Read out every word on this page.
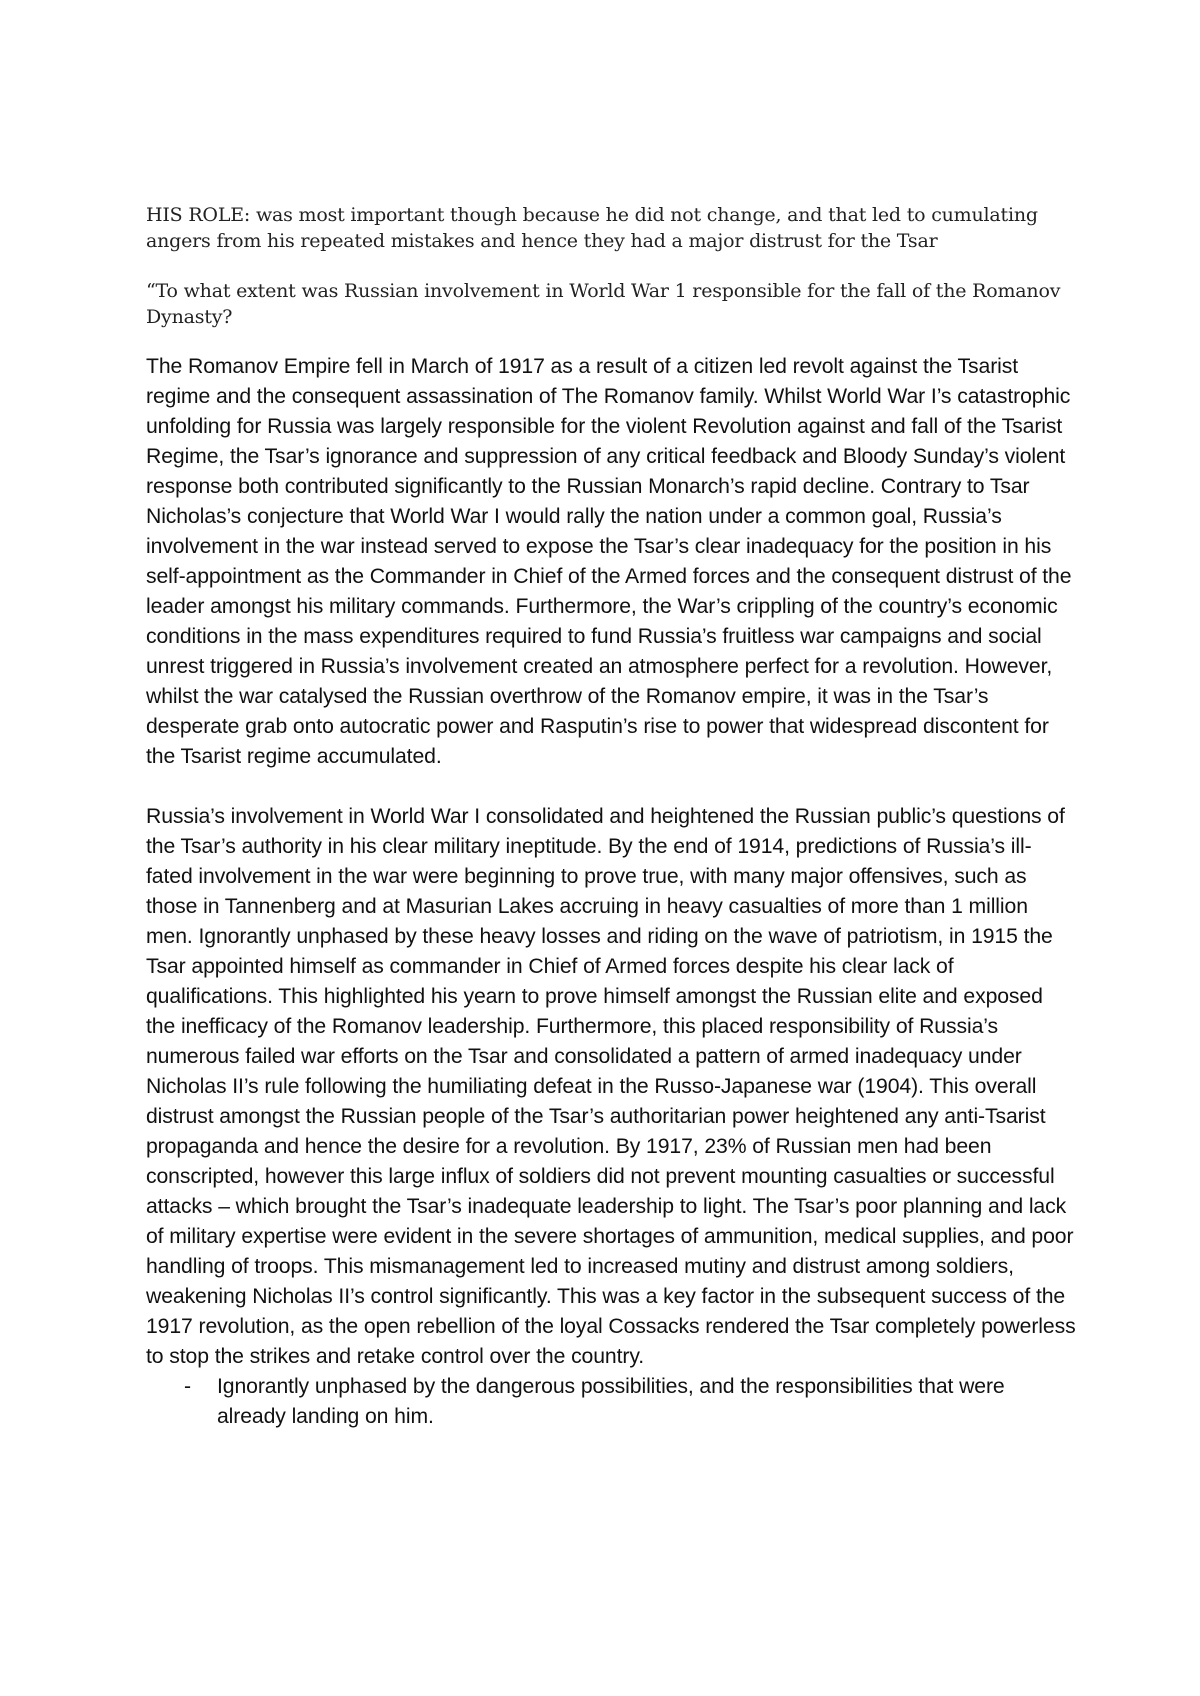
HIS ROLE: was most important though because he did not change, and that led to cumulating angers from his repeated mistakes and hence they had a major distrust for the Tsar

“To what extent was Russian involvement in World War 1 responsible for the fall of the Romanov Dynasty?

The Romanov Empire fell in March of 1917 as a result of a citizen led revolt against the Tsarist regime and the consequent assassination of The Romanov family. Whilst World War I’s catastrophic unfolding for Russia was largely responsible for the violent Revolution against and fall of the Tsarist Regime, the Tsar’s ignorance and suppression of any critical feedback and Bloody Sunday’s violent response both contributed significantly to the Russian Monarch’s rapid decline. Contrary to Tsar Nicholas’s conjecture that World War I would rally the nation under a common goal, Russia’s involvement in the war instead served to expose the Tsar’s clear inadequacy for the position in his self-appointment as the Commander in Chief of the Armed forces and the consequent distrust of the leader amongst his military commands. Furthermore, the War’s crippling of the country’s economic conditions in the mass expenditures required to fund Russia’s fruitless war campaigns and social unrest triggered in Russia’s involvement created an atmosphere perfect for a revolution. However, whilst the war catalysed the Russian overthrow of the Romanov empire, it was in the Tsar’s desperate grab onto autocratic power and Rasputin’s rise to power that widespread discontent for the Tsarist regime accumulated.

Russia’s involvement in World War I consolidated and heightened the Russian public’s questions of the Tsar’s authority in his clear military ineptitude. By the end of 1914, predictions of Russia’s ill-fated involvement in the war were beginning to prove true, with many major offensives, such as those in Tannenberg and at Masurian Lakes accruing in heavy casualties of more than 1 million men. Ignorantly unphased by these heavy losses and riding on the wave of patriotism, in 1915 the Tsar appointed himself as commander in Chief of Armed forces despite his clear lack of qualifications. This highlighted his yearn to prove himself amongst the Russian elite and exposed the inefficacy of the Romanov leadership. Furthermore, this placed responsibility of Russia’s numerous failed war efforts on the Tsar and consolidated a pattern of armed inadequacy under Nicholas II’s rule following the humiliating defeat in the Russo-Japanese war (1904). This overall distrust amongst the Russian people of the Tsar’s authoritarian power heightened any anti-Tsarist propaganda and hence the desire for a revolution. By 1917, 23% of Russian men had been conscripted, however this large influx of soldiers did not prevent mounting casualties or successful attacks – which brought the Tsar’s inadequate leadership to light. The Tsar’s poor planning and lack of military expertise were evident in the severe shortages of ammunition, medical supplies, and poor handling of troops. This mismanagement led to increased mutiny and distrust among soldiers, weakening Nicholas II’s control significantly. This was a key factor in the subsequent success of the 1917 revolution, as the open rebellion of the loyal Cossacks rendered the Tsar completely powerless to stop the strikes and retake control over the country.

- Ignorantly unphased by the dangerous possibilities, and the responsibilities that were already landing on him.
